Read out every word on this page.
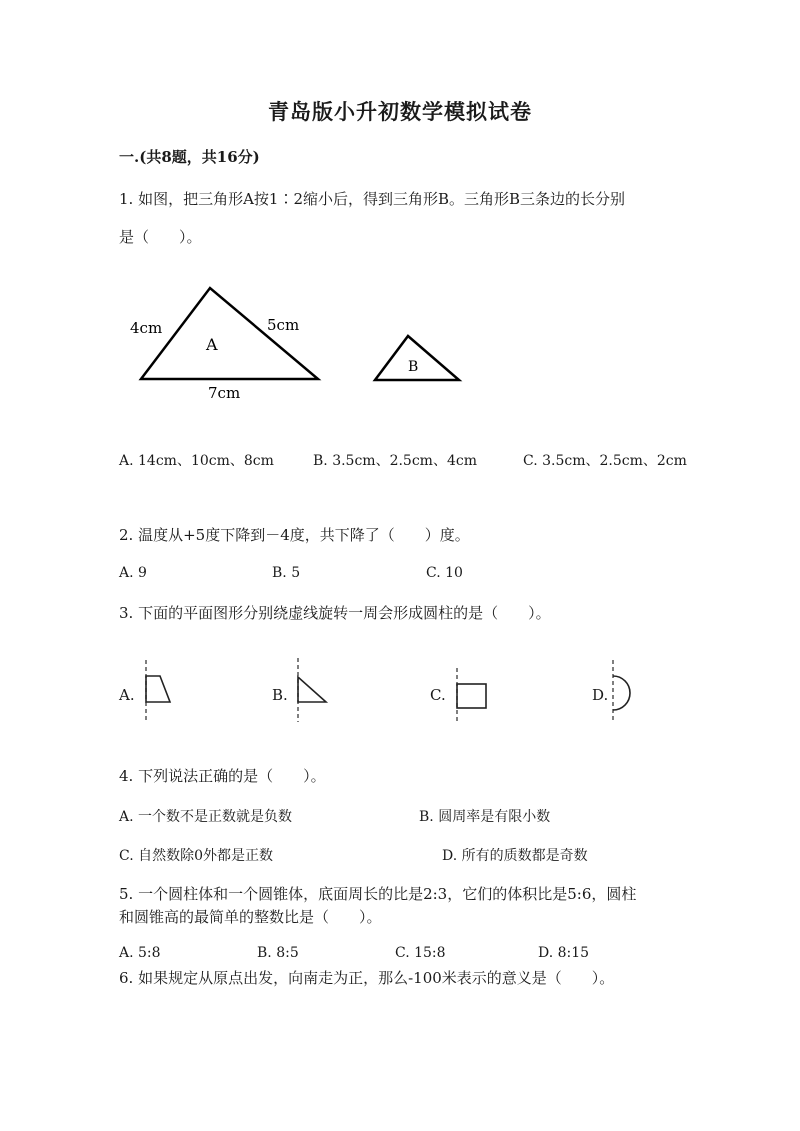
青岛版小升初数学模拟试卷
一.(共8题，共16分)
1. 如图，把三角形A按1∶2缩小后，得到三角形B。三角形B三条边的长分别
是（　　）。
4cm	5cm
7cm
A
B
A. 14cm、10cm、8cm	B. 3.5cm、2.5cm、4cm	C. 3.5cm、2.5cm、2cm
2. 温度从+5度下降到－4度，共下降了（　　）度。
A. 9	B. 5	C. 10
3. 下面的平面图形分别绕虚线旋转一周会形成圆柱的是（　　）。
A.	B.	C.	D.
4. 下列说法正确的是（　　）。
A. 一个数不是正数就是负数	B. 圆周率是有限小数
C. 自然数除0外都是正数	D. 所有的质数都是奇数
5. 一个圆柱体和一个圆锥体，底面周长的比是2:3，它们的体积比是5:6，圆柱
和圆锥高的最简单的整数比是（　　）。
A. 5:8	B. 8:5	C. 15:8	D. 8:15
6. 如果规定从原点出发，向南走为正，那么-100米表示的意义是（　　）。
